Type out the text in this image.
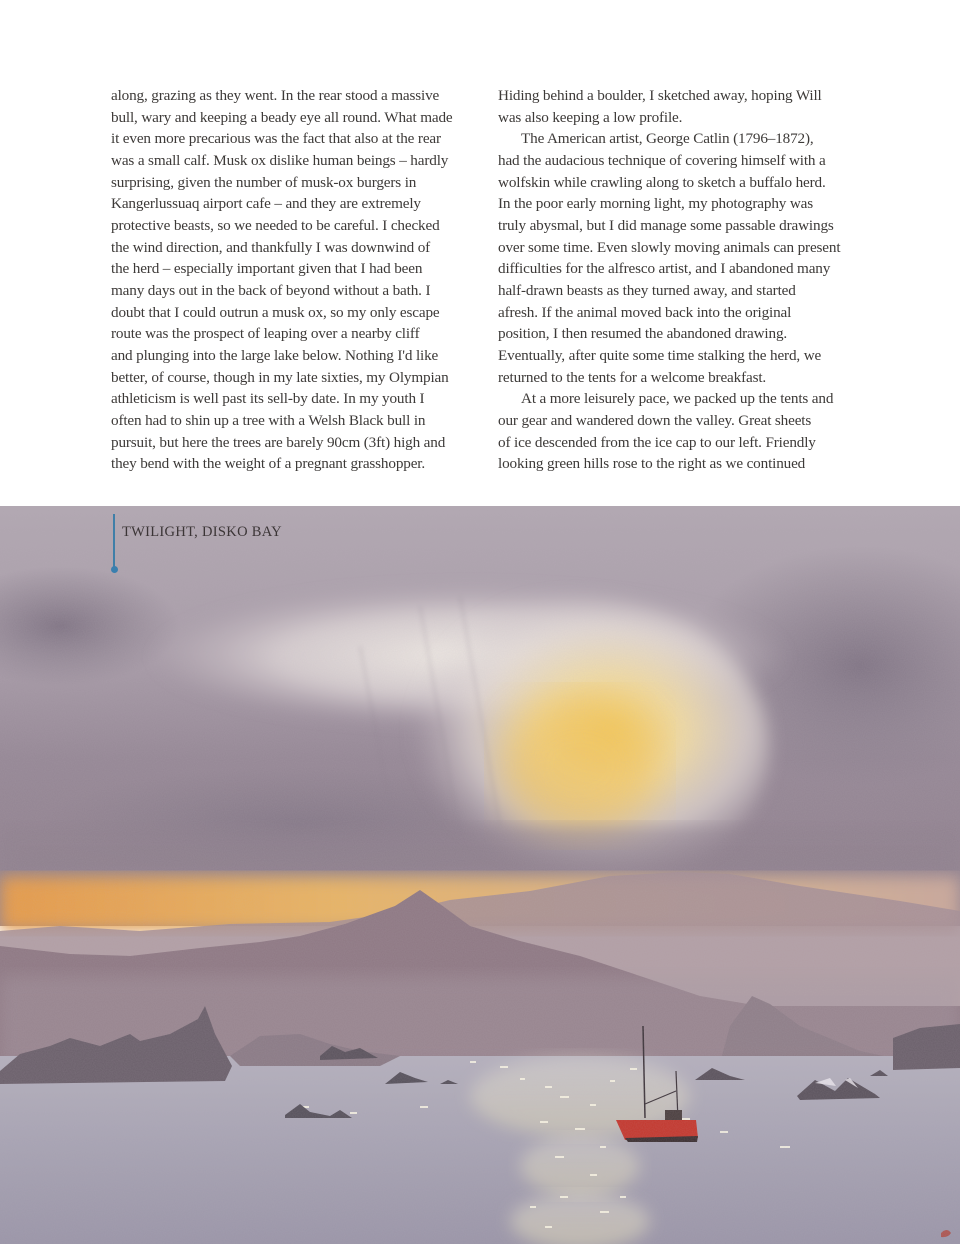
along, grazing as they went. In the rear stood a massive
bull, wary and keeping a beady eye all round. What made
it even more precarious was the fact that also at the rear
was a small calf. Musk ox dislike human beings – hardly
surprising, given the number of musk-ox burgers in
Kangerlussuaq airport cafe – and they are extremely
protective beasts, so we needed to be careful. I checked
the wind direction, and thankfully I was downwind of
the herd – especially important given that I had been
many days out in the back of beyond without a bath. I
doubt that I could outrun a musk ox, so my only escape
route was the prospect of leaping over a nearby cliff
and plunging into the large lake below. Nothing I'd like
better, of course, though in my late sixties, my Olympian
athleticism is well past its sell-by date. In my youth I
often had to shin up a tree with a Welsh Black bull in
pursuit, but here the trees are barely 90cm (3ft) high and
they bend with the weight of a pregnant grasshopper.
Hiding behind a boulder, I sketched away, hoping Will
was also keeping a low profile.
The American artist, George Catlin (1796–1872),
had the audacious technique of covering himself with a
wolfskin while crawling along to sketch a buffalo herd.
In the poor early morning light, my photography was
truly abysmal, but I did manage some passable drawings
over some time. Even slowly moving animals can present
difficulties for the alfresco artist, and I abandoned many
half-drawn beasts as they turned away, and started
afresh. If the animal moved back into the original
position, I then resumed the abandoned drawing.
Eventually, after quite some time stalking the herd, we
returned to the tents for a welcome breakfast.
At a more leisurely pace, we packed up the tents and
our gear and wandered down the valley. Great sheets
of ice descended from the ice cap to our left. Friendly
looking green hills rose to the right as we continued
TWILIGHT, DISKO BAY
